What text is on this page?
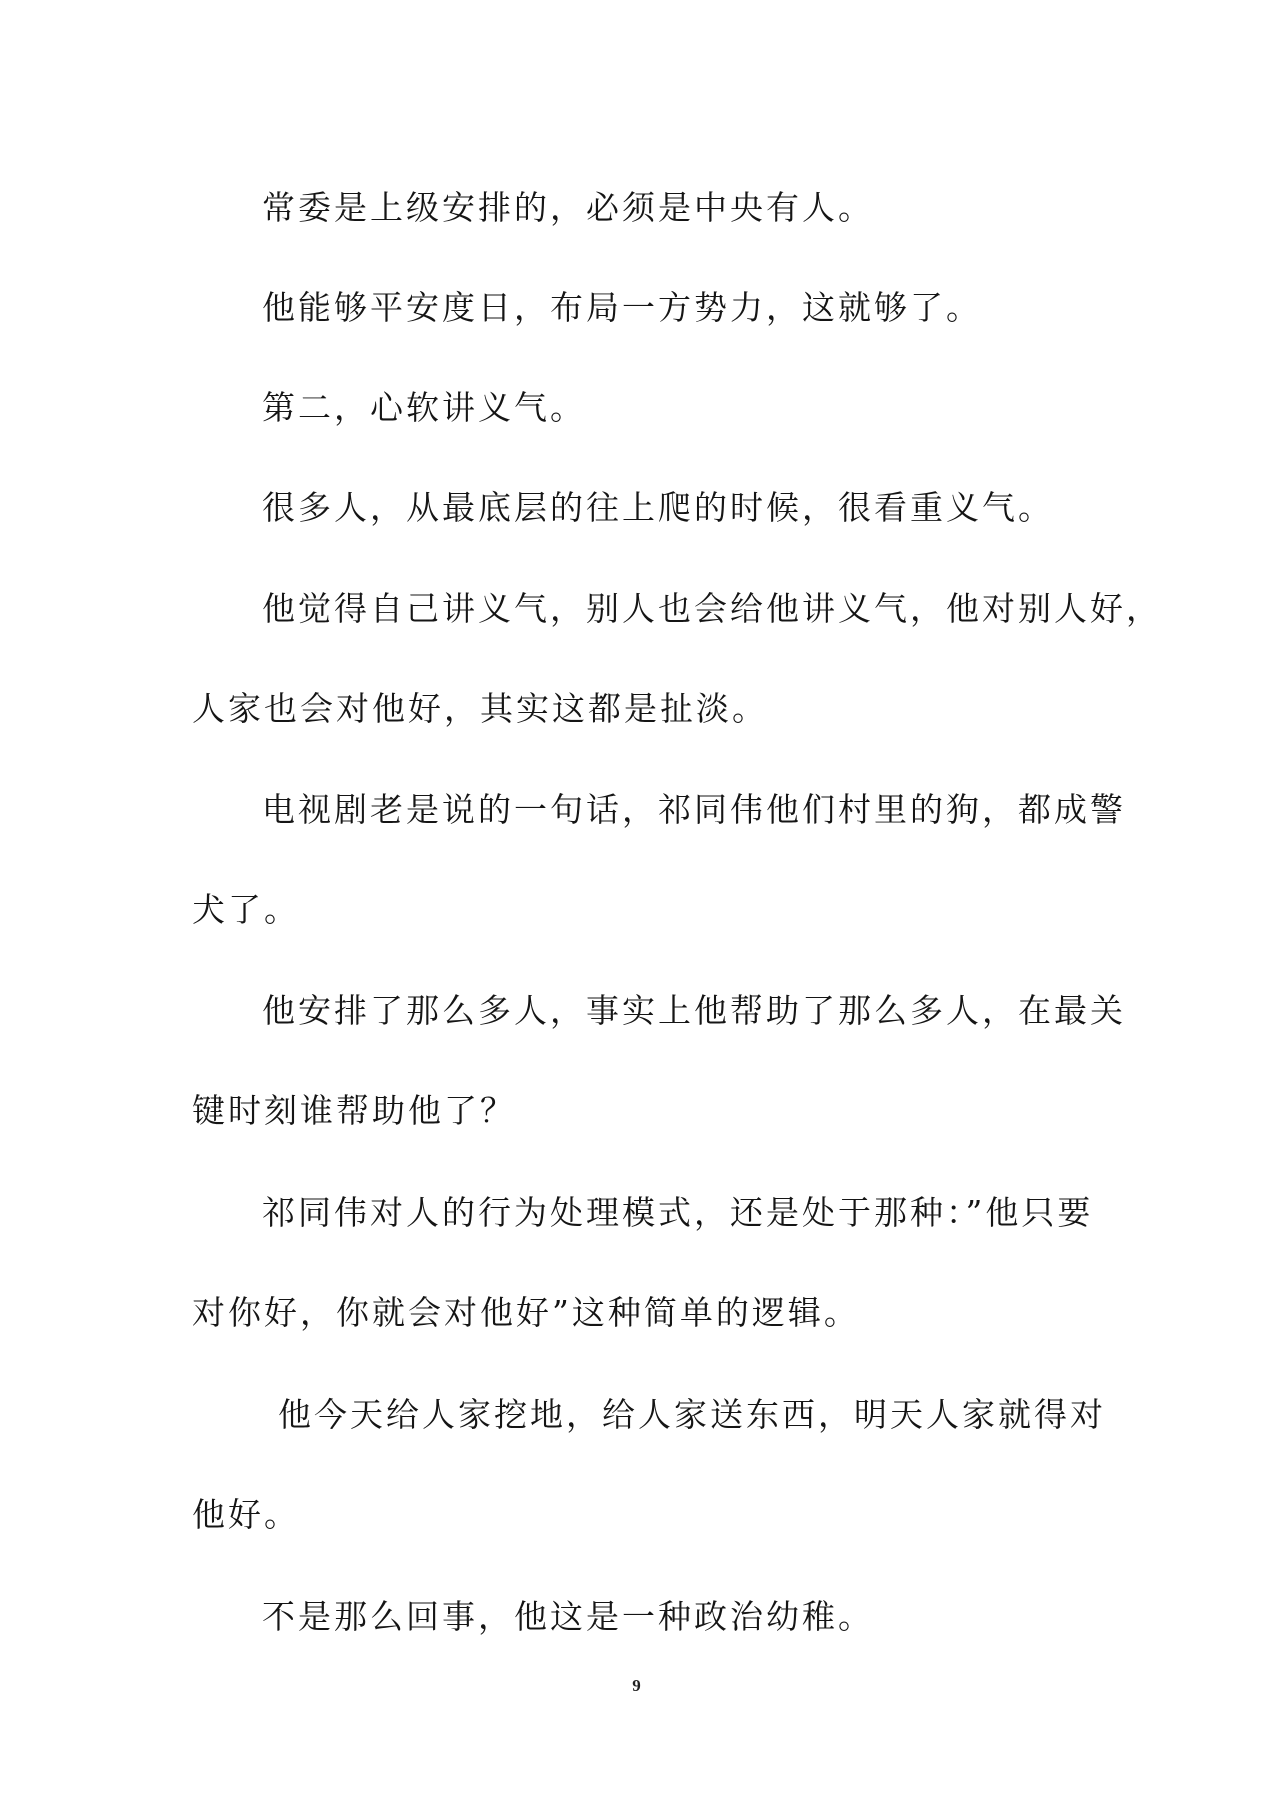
常委是上级安排的，必须是中央有人。
他能够平安度日，布局一方势力，这就够了。
第二，心软讲义气。
很多人，从最底层的往上爬的时候，很看重义气。
他觉得自己讲义气，别人也会给他讲义气，他对别人好，
人家也会对他好，其实这都是扯淡。
电视剧老是说的一句话，祁同伟他们村里的狗，都成警
犬了。
他安排了那么多人，事实上他帮助了那么多人，在最关
键时刻谁帮助他了？
祁同伟对人的行为处理模式，还是处于那种：”他只要
对你好，你就会对他好”这种简单的逻辑。
他今天给人家挖地，给人家送东西，明天人家就得对
他好。
不是那么回事，他这是一种政治幼稚。
9
